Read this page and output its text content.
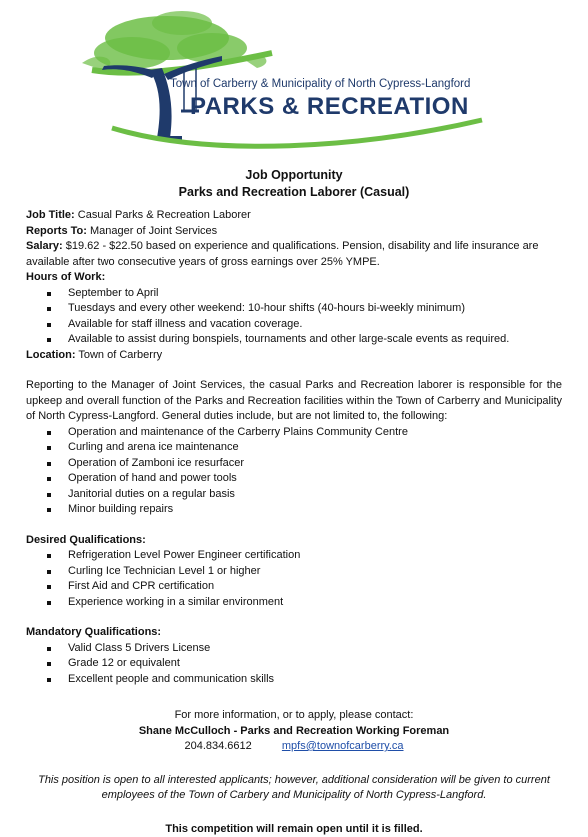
Town of Carberry & Municipality of North Cypress-Langford
PARKS & RECREATION
Job Opportunity
Parks and Recreation Laborer (Casual)

Job Title: Casual Parks & Recreation Laborer

Reports To: Manager of Joint Services

Salary: $19.62 - $22.50 based on experience and qualifications. Pension, disability and life insurance are available after two consecutive years of gross earnings over 25% YMPE.

Hours of Work:

September to April
Tuesdays and every other weekend: 10-hour shifts (40-hours bi-weekly minimum)
Available for staff illness and vacation coverage.
Available to assist during bonspiels, tournaments and other large-scale events as required.

Location: Town of Carberry

Reporting to the Manager of Joint Services, the casual Parks and Recreation laborer is responsible for the upkeep and overall function of the Parks and Recreation facilities within the Town of Carberry and Municipality of North Cypress-Langford. General duties include, but are not limited to, the following:

Operation and maintenance of the Carberry Plains Community Centre
Curling and arena ice maintenance
Operation of Zamboni ice resurfacer
Operation of hand and power tools
Janitorial duties on a regular basis
Minor building repairs

Desired Qualifications:

Refrigeration Level Power Engineer certification
Curling Ice Technician Level 1 or higher
First Aid and CPR certification
Experience working in a similar environment

Mandatory Qualifications:

Valid Class 5 Drivers License
Grade 12 or equivalent
Excellent people and communication skills

For more information, or to apply, please contact:

Shane McCulloch - Parks and Recreation Working Foreman

204.834.6612	mpfs@townofcarberry.ca

This position is open to all interested applicants; however, additional consideration will be given to current employees of the Town of Carbery and Municipality of North Cypress-Langford.

This competition will remain open until it is filled.
